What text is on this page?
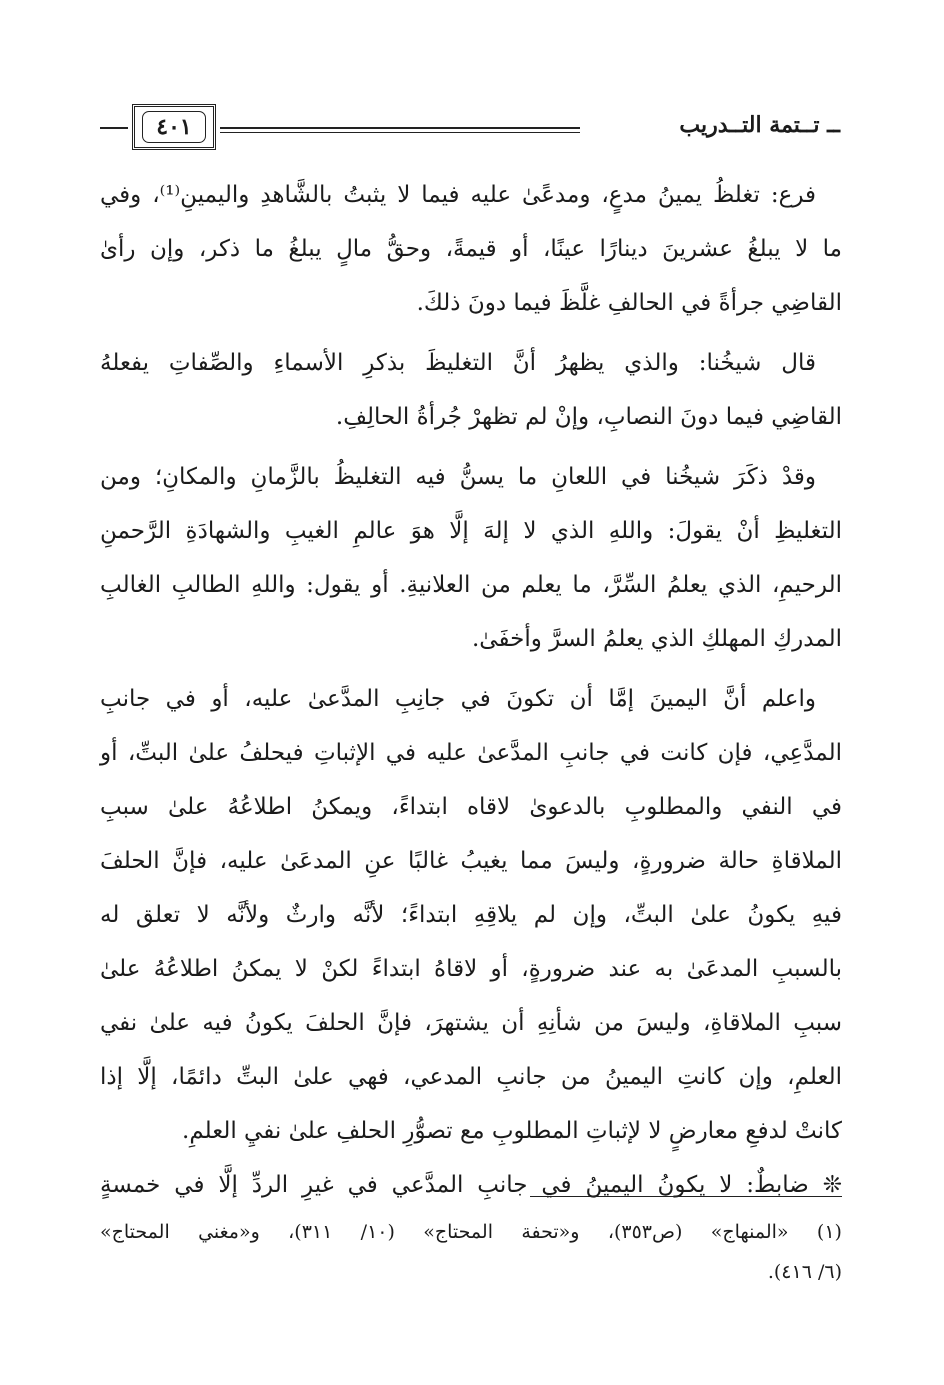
٤٠١	ــ تــتمة التــدريب
فرع: تغلظُ يمينُ مدعٍ، ومدعًىٰ عليه فيما لا يثبتُ بالشَّاهدِ واليمينِ⁽¹⁾، وفي
ما لا يبلغُ عشرينَ دينارًا عينًا، أو قيمةً، وحقُّ مالٍ يبلغُ ما ذكر، وإن رأىٰ
القاضِي جرأةً في الحالفِ غلَّظَ فيما دونَ ذلكَ.
قال شيخُنا: والذي يظهرُ أنَّ التغليظَ بذكرِ الأسماءِ والصِّفاتِ يفعلهُ
القاضِي فيما دونَ النصابِ، وإنْ لم تظهرْ جُرأةُ الحالِفِ.
وقدْ ذكَرَ شيخُنا في اللعانِ ما يسنُّ فيه التغليظُ بالزَّمانِ والمكانِ؛ ومن
التغليظِ أنْ يقولَ: واللهِ الذي لا إلهَ إلَّا هوَ عالمِ الغيبِ والشهادَةِ الرَّحمنِ
الرحيمِ، الذي يعلمُ السِّرَّ، ما يعلم من العلانيةِ. أو يقول: واللهِ الطالبِ الغالبِ
المدركِ المهلكِ الذي يعلمُ السرَّ وأخفَىٰ.
واعلم أنَّ اليمينَ إمَّا أن تكونَ في جانِبِ المدَّعىٰ عليه، أو في جانبِ
المدَّعِي، فإن كانت في جانبِ المدَّعىٰ عليه في الإثباتِ فيحلفُ علىٰ البتِّ، أو
في النفي والمطلوبِ بالدعوىٰ لاقاه ابتداءً، ويمكنُ اطلاعُهُ علىٰ سببِ
الملاقاةِ حالة ضرورةٍ، وليسَ مما يغيبُ غالبًا عنِ المدعَىٰ عليه، فإنَّ الحلفَ
فيهِ يكونُ علىٰ البتِّ، وإن لم يلاقِهِ ابتداءً؛ لأنَّه وارثٌ ولأنَّه لا تعلق له
بالسببِ المدعَىٰ به عند ضرورةٍ، أو لاقاهُ ابتداءً لكنْ لا يمكنُ اطلاعُهُ علىٰ
سببِ الملاقاةِ، وليسَ من شأنِهِ أن يشتهرَ، فإنَّ الحلفَ يكونُ فيه علىٰ نفي
العلمِ، وإن كانتِ اليمينُ من جانبِ المدعي، فهي علىٰ البتِّ دائمًا، إلَّا إذا
كانتْ لدفعِ معارضٍ لا لإثباتِ المطلوبِ مع تصوُّرِ الحلفِ علىٰ نفيِ العلمِ.
❊ ضابطٌ: لا يكونُ اليمينُ في جانبِ المدَّعي في غيرِ الردِّ إلَّا في خمسةٍ
(١) «المنهاج» (ص٣٥٣)، و«تحفة المحتاج» (١٠/ ٣١١)، و«مغني المحتاج»
(٦/ ٤١٦).
